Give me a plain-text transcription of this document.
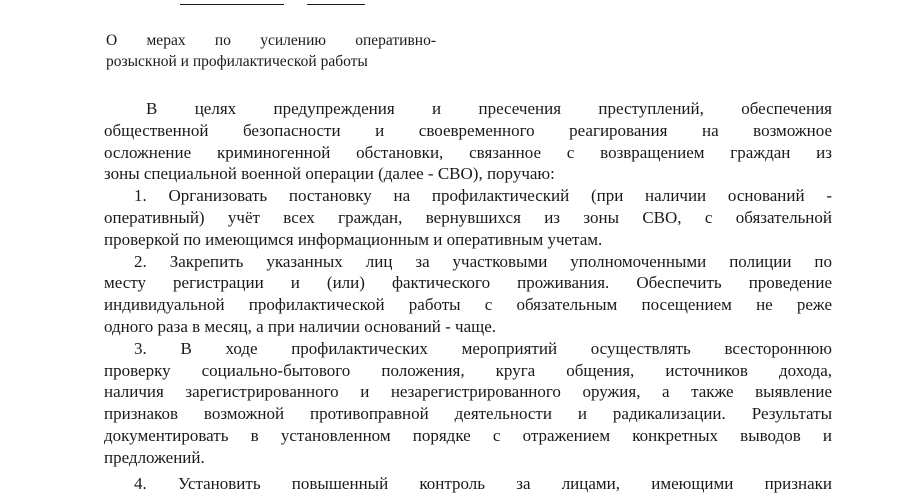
О мерах по усилению оперативно-
розыскной и профилактической работы
В целях предупреждения и пресечения преступлений, обеспечения
общественной безопасности и своевременного реагирования на возможное
осложнение криминогенной обстановки, связанное с возвращением граждан из
зоны специальной военной операции (далее - СВО), поручаю:
1. Организовать постановку на профилактический (при наличии оснований -
оперативный) учёт всех граждан, вернувшихся из зоны СВО, с обязательной
проверкой по имеющимся информационным и оперативным учетам.
2. Закрепить указанных лиц за участковыми уполномоченными полиции по
месту регистрации и (или) фактического проживания. Обеспечить проведение
индивидуальной профилактической работы с обязательным посещением не реже
одного раза в месяц, а при наличии оснований - чаще.
3. В ходе профилактических мероприятий осуществлять всестороннюю
проверку социально-бытового положения, круга общения, источников дохода,
наличия зарегистрированного и незарегистрированного оружия, а также выявление
признаков возможной противоправной деятельности и радикализации. Результаты
документировать в установленном порядке с отражением конкретных выводов и
предложений.
4. Установить повышенный контроль за лицами, имеющими признаки
